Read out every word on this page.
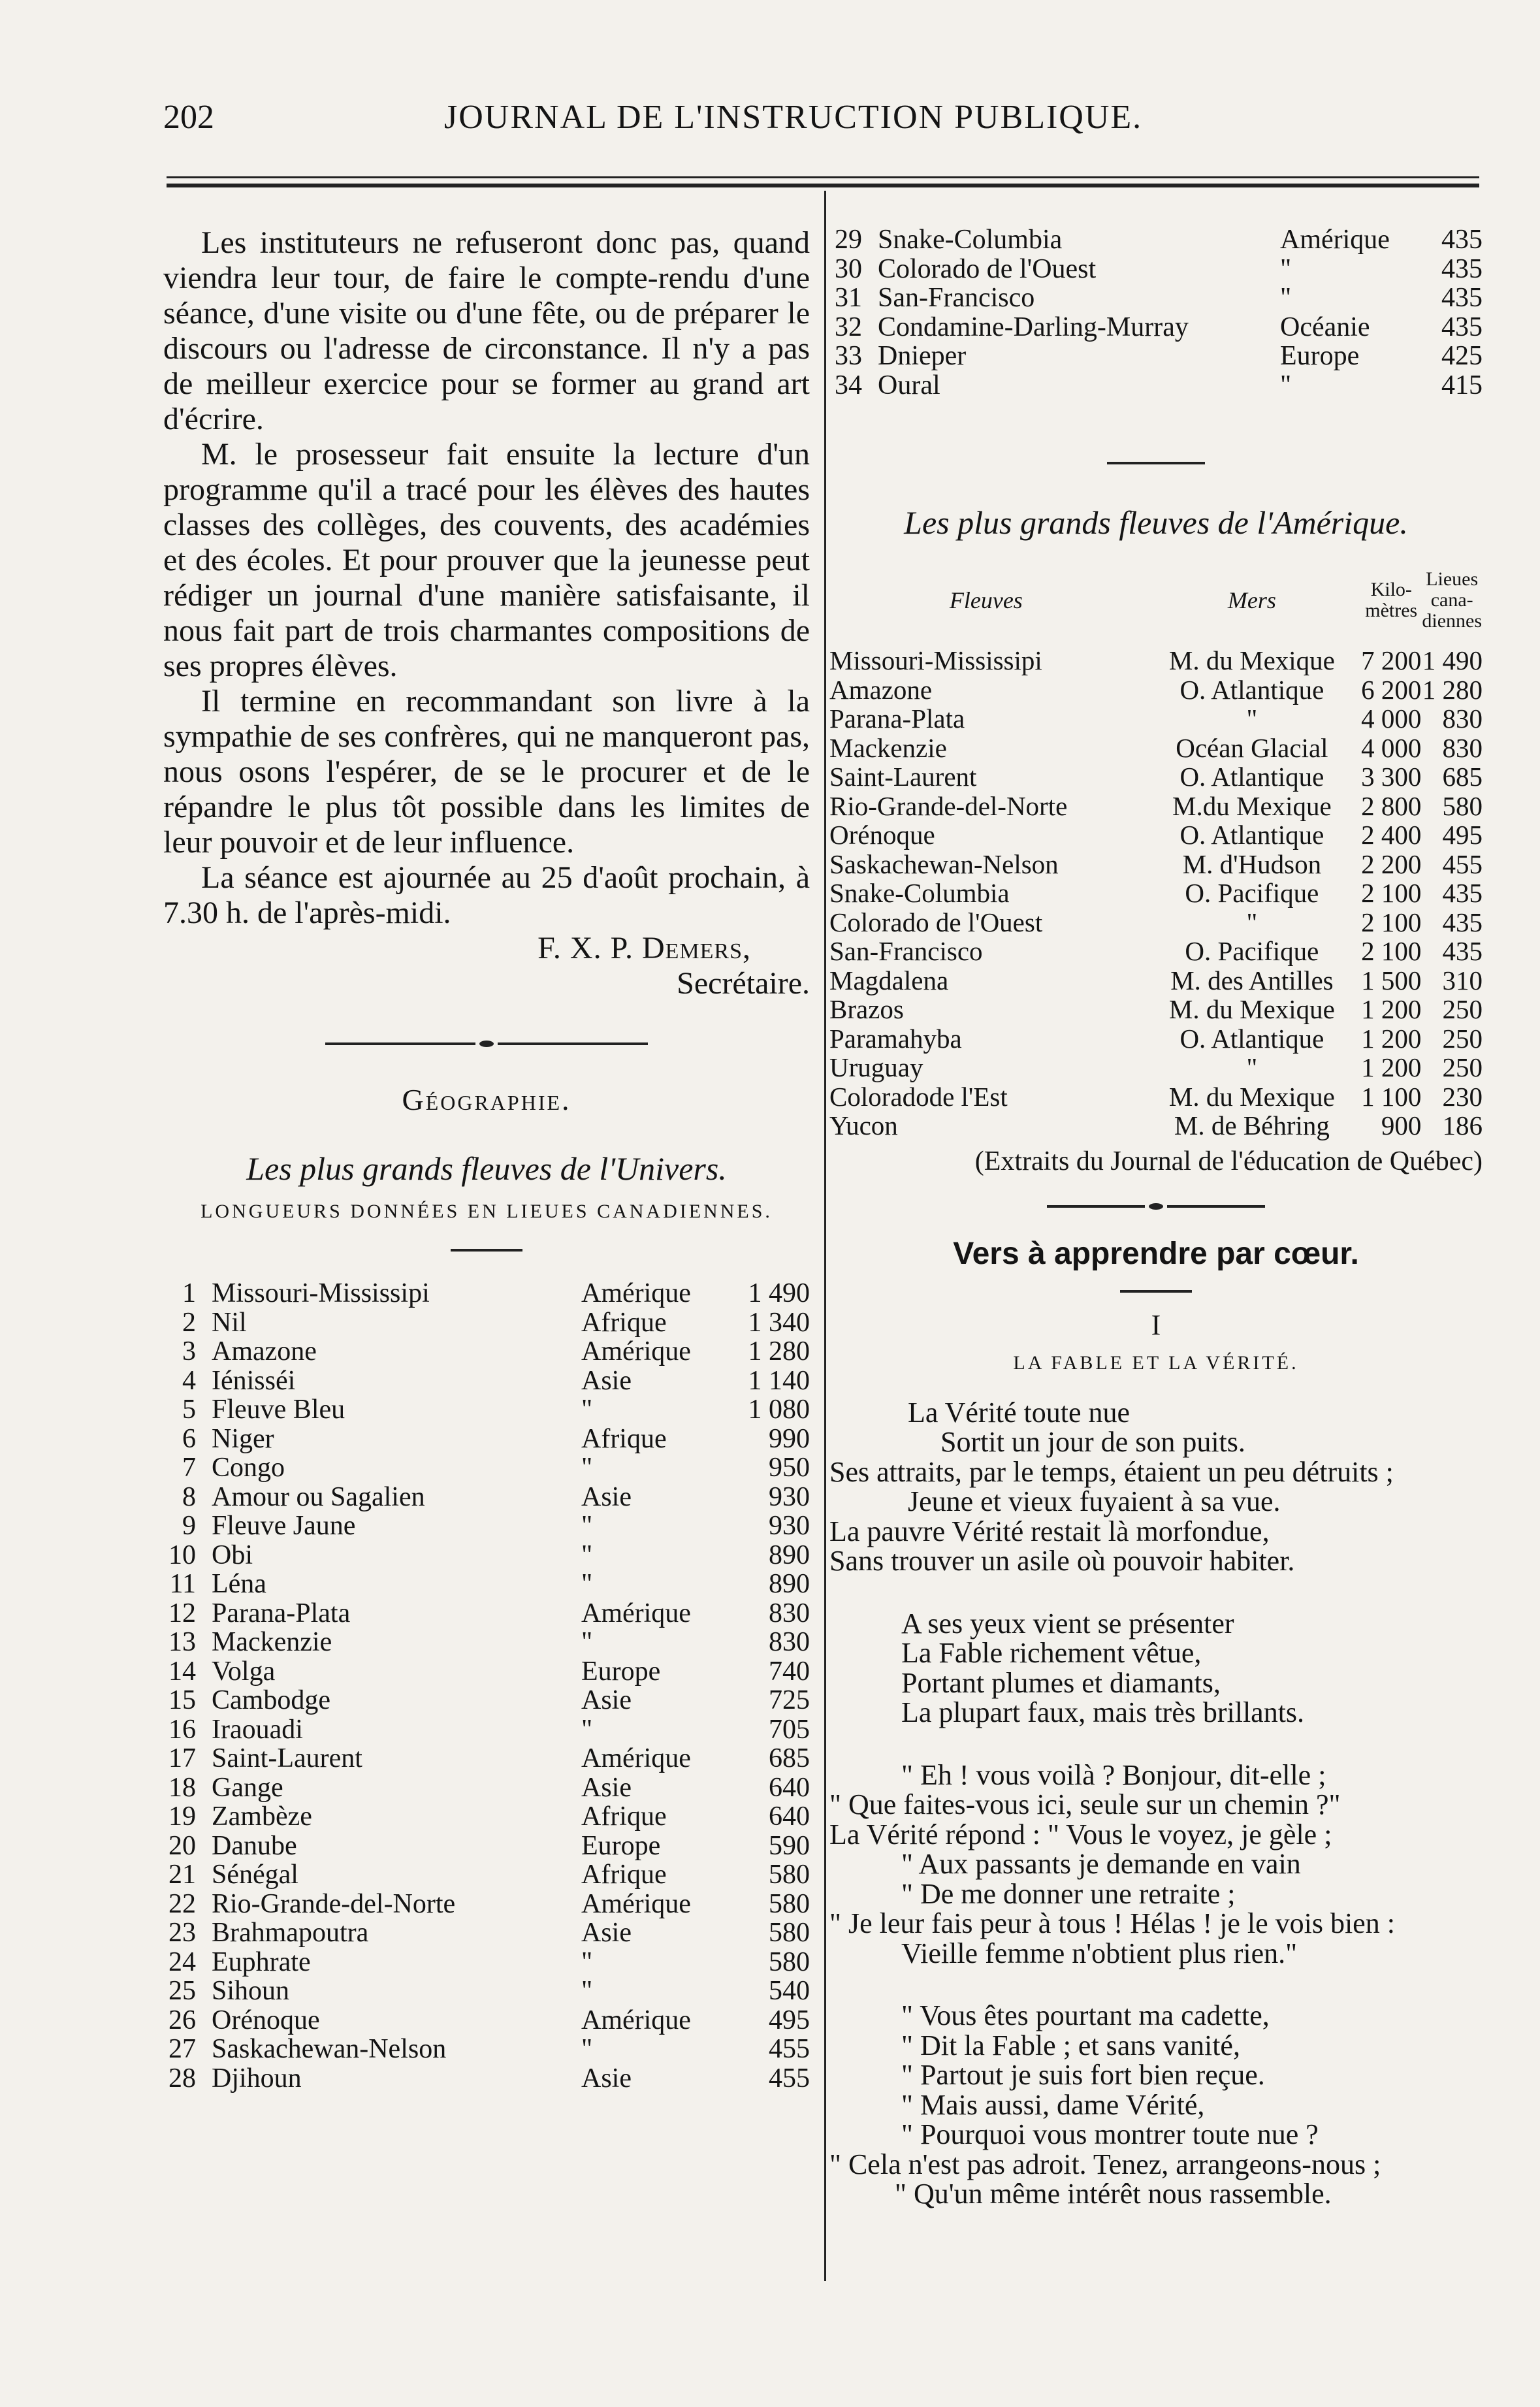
202	JOURNAL DE L'INSTRUCTION PUBLIQUE.

Les instituteurs ne refuseront donc pas, quand viendra leur tour, de faire le compte-rendu d'une séance, d'une visite ou d'une fête, ou de préparer le discours ou l'adresse de circonstance. Il n'y a pas de meilleur exercice pour se former au grand art d'écrire.

M. le prosesseur fait ensuite la lecture d'un programme qu'il a tracé pour les élèves des hautes classes des collèges, des couvents, des académies et des écoles. Et pour prouver que la jeunesse peut rédiger un journal d'une manière satisfaisante, il nous fait part de trois charmantes compositions de ses propres élèves.

Il termine en recommandant son livre à la sympathie de ses confrères, qui ne manqueront pas, nous osons l'espérer, de se le procurer et de le répandre le plus tôt possible dans les limites de leur pouvoir et de leur influence.

La séance est ajournée au 25 d'août prochain, à 7.30 h. de l'après-midi.

F. X. P. Demers,
Secrétaire.
Géographie.
Les plus grands fleuves de l'Univers.
LONGUEURS DONNÉES EN LIEUES CANADIENNES.
1	Missouri-Mississipi	Amérique	1 490
2	Nil	Afrique	1 340
3	Amazone	Amérique	1 280
4	Iénisséi	Asie	1 140
5	Fleuve Bleu	"	1 080
6	Niger	Afrique	990
7	Congo	"	950
8	Amour ou Sagalien	Asie	930
9	Fleuve Jaune	"	930
10	Obi	"	890
11	Léna	"	890
12	Parana-Plata	Amérique	830
13	Mackenzie	"	830
14	Volga	Europe	740
15	Cambodge	Asie	725
16	Iraouadi	"	705
17	Saint-Laurent	Amérique	685
18	Gange	Asie	640
19	Zambèze	Afrique	640
20	Danube	Europe	590
21	Sénégal	Afrique	580
22	Rio-Grande-del-Norte	Amérique	580
23	Brahmapoutra	Asie	580
24	Euphrate	"	580
25	Sihoun	"	540
26	Orénoque	Amérique	495
27	Saskachewan-Nelson	"	455
28	Djihoun	Asie	455
29	Snake-Columbia	Amérique	435
30	Colorado de l'Ouest	"	435
31	San-Francisco	"	435
32	Condamine-Darling-Murray	Océanie	435
33	Dnieper	Europe	425
34	Oural	"	415
Les plus grands fleuves de l'Amérique.
Fleuves	Mers	Kilo-mètres	Lieues cana-diennes
Missouri-Mississipi	M. du Mexique	7 200	1 490
Amazone	O. Atlantique	6 200	1 280
Parana-Plata	"	4 000	830
Mackenzie	Océan Glacial	4 000	830
Saint-Laurent	O. Atlantique	3 300	685
Rio-Grande-del-Norte	M.du Mexique	2 800	580
Orénoque	O. Atlantique	2 400	495
Saskachewan-Nelson	M. d'Hudson	2 200	455
Snake-Columbia	O. Pacifique	2 100	435
Colorado de l'Ouest	"	2 100	435
San-Francisco	O. Pacifique	2 100	435
Magdalena	M. des Antilles	1 500	310
Brazos	M. du Mexique	1 200	250
Paramahyba	O. Atlantique	1 200	250
Uruguay	"	1 200	250
Coloradode l'Est	M. du Mexique	1 100	230
Yucon	M. de Béhring	900	186
(Extraits du Journal de l'éducation de Québec)
Vers à apprendre par cœur.
I
LA FABLE ET LA VÉRITÉ.
La Vérité toute nue
Sortit un jour de son puits.
Ses attraits, par le temps, étaient un peu détruits ;
Jeune et vieux fuyaient à sa vue.
La pauvre Vérité restait là morfondue,
Sans trouver un asile où pouvoir habiter.
A ses yeux vient se présenter
La Fable richement vêtue,
Portant plumes et diamants,
La plupart faux, mais très brillants.
" Eh ! vous voilà ? Bonjour, dit-elle ;
" Que faites-vous ici, seule sur un chemin ?"
La Vérité répond : " Vous le voyez, je gèle ;
" Aux passants je demande en vain
" De me donner une retraite ;
" Je leur fais peur à tous ! Hélas ! je le vois bien :
Vieille femme n'obtient plus rien."
" Vous êtes pourtant ma cadette,
" Dit la Fable ; et sans vanité,
" Partout je suis fort bien reçue.
" Mais aussi, dame Vérité,
" Pourquoi vous montrer toute nue ?
" Cela n'est pas adroit. Tenez, arrangeons-nous ;
" Qu'un même intérêt nous rassemble.
